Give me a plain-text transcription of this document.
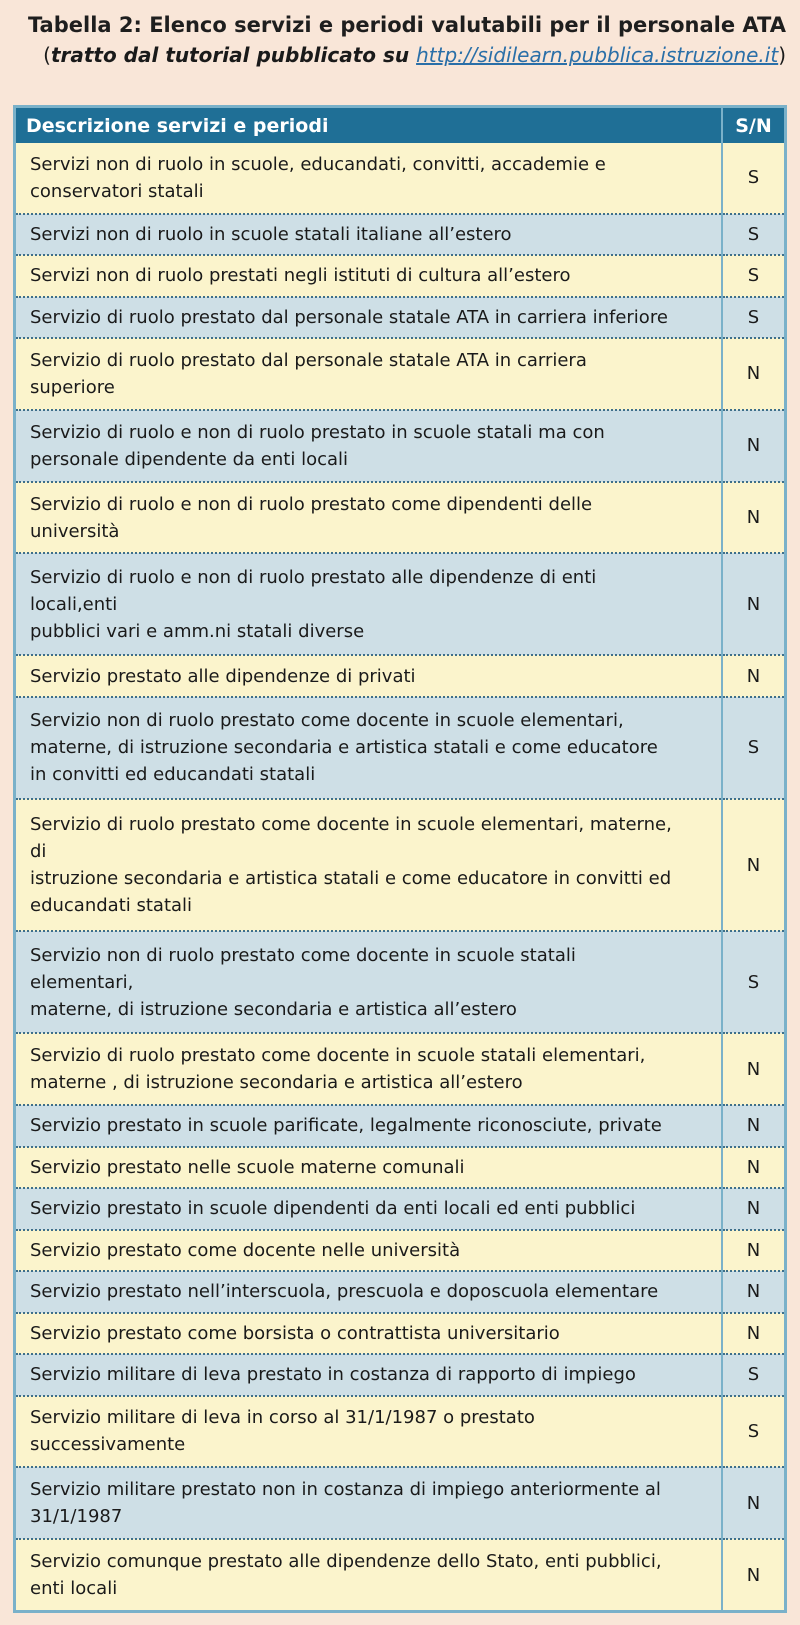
Tabella 2: Elenco servizi e periodi valutabili per il personale ATA
(tratto dal tutorial pubblicato su http://sidilearn.pubblica.istruzione.it)
Descrizione servizi e periodi	S/N
Servizi non di ruolo in scuole, educandati, convitti, accademie e
conservatori statali	S
Servizi non di ruolo in scuole statali italiane all’estero	S
Servizi non di ruolo prestati negli istituti di cultura all’estero	S
Servizio di ruolo prestato dal personale statale ATA in carriera inferiore	S
Servizio di ruolo prestato dal personale statale ATA in carriera
superiore	N
Servizio di ruolo e non di ruolo prestato in scuole statali ma con
personale dipendente da enti locali	N
Servizio di ruolo e non di ruolo prestato come dipendenti delle
università	N
Servizio di ruolo e non di ruolo prestato alle dipendenze di enti
locali,enti
pubblici vari e amm.ni statali diverse	N
Servizio prestato alle dipendenze di privati	N
Servizio non di ruolo prestato come docente in scuole elementari,
materne, di istruzione secondaria e artistica statali e come educatore
in convitti ed educandati statali	S
Servizio di ruolo prestato come docente in scuole elementari, materne,
di
istruzione secondaria e artistica statali e come educatore in convitti ed
educandati statali	N
Servizio non di ruolo prestato come docente in scuole statali
elementari,
materne, di istruzione secondaria e artistica all’estero	S
Servizio di ruolo prestato come docente in scuole statali elementari,
materne , di istruzione secondaria e artistica all’estero	N
Servizio prestato in scuole parificate, legalmente riconosciute, private	N
Servizio prestato nelle scuole materne comunali	N
Servizio prestato in scuole dipendenti da enti locali ed enti pubblici	N
Servizio prestato come docente nelle università	N
Servizio prestato nell’interscuola, prescuola e doposcuola elementare	N
Servizio prestato come borsista o contrattista universitario	N
Servizio militare di leva prestato in costanza di rapporto di impiego	S
Servizio militare di leva in corso al 31/1/1987 o prestato
successivamente	S
Servizio militare prestato non in costanza di impiego anteriormente al
31/1/1987	N
Servizio comunque prestato alle dipendenze dello Stato, enti pubblici,
enti locali	N
